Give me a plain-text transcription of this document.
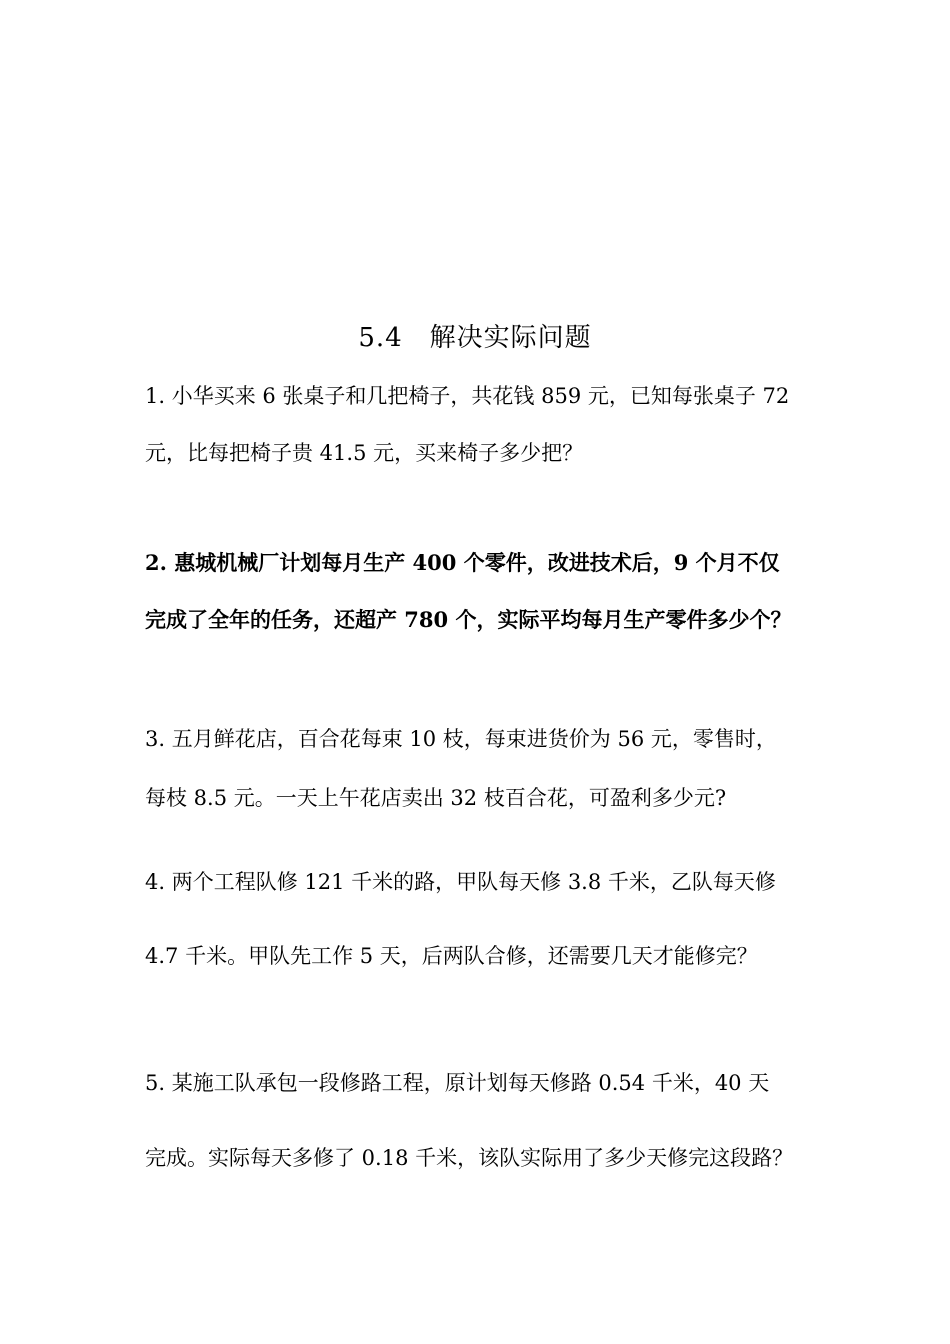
5.4　解决实际问题
1. 小华买来 6 张桌子和几把椅子，共花钱 859 元，已知每张桌子 72
元，比每把椅子贵 41.5 元，买来椅子多少把？
2. 惠城机械厂计划每月生产 400 个零件，改进技术后，9 个月不仅
完成了全年的任务，还超产 780 个，实际平均每月生产零件多少个？
3. 五月鲜花店，百合花每束 10 枝，每束进货价为 56 元，零售时，
每枝 8.5 元。一天上午花店卖出 32 枝百合花，可盈利多少元?
4. 两个工程队修 121 千米的路，甲队每天修 3.8 千米，乙队每天修
4.7 千米。甲队先工作 5 天，后两队合修，还需要几天才能修完？
5. 某施工队承包一段修路工程，原计划每天修路 0.54 千米，40 天
完成。实际每天多修了 0.18 千米，该队实际用了多少天修完这段路？
